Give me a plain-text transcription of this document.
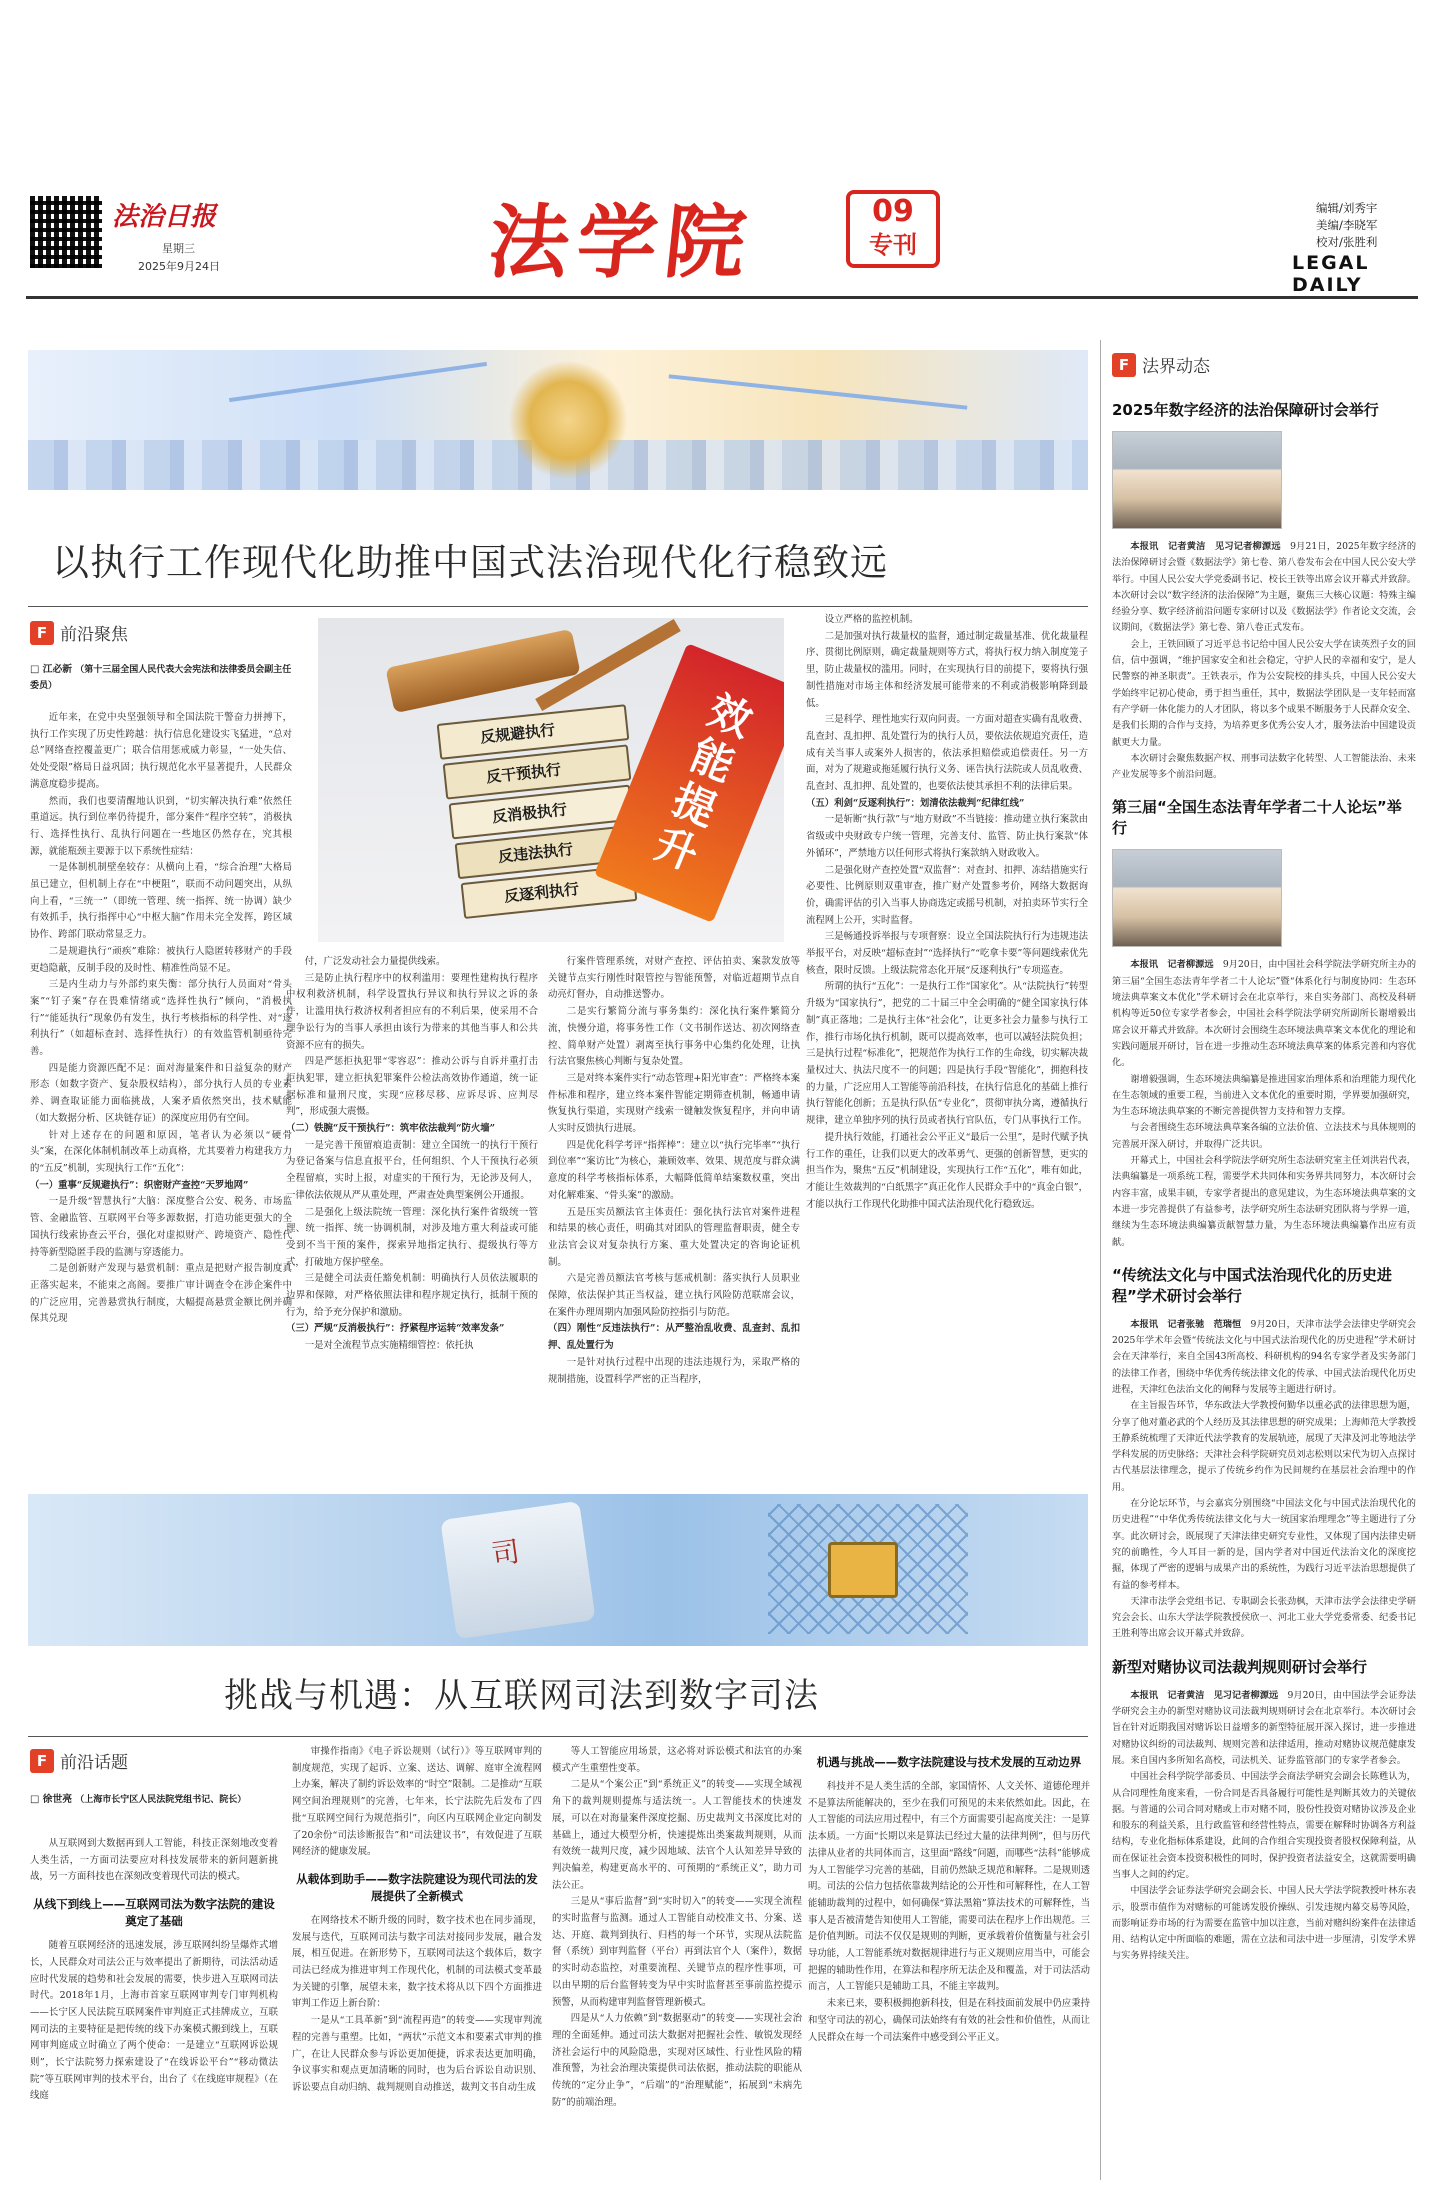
法治日报
星期三
2025年9月24日	法学院	09
专刊
编辑/刘秀宇
美编/李晓军
校对/张胜利
LEGAL DAILY
以执行工作现代化助推中国式法治现代化行稳致远
F 前沿聚焦
□ 江必新 （第十三届全国人民代表大会宪法和法律委员会副主任委员）

近年来，在党中央坚强领导和全国法院干警奋力拼搏下，执行工作实现了历史性跨越：执行信息化建设实飞猛进，“总对总”网络查控覆盖更广；联合信用惩戒威力彰显，“一处失信、处处受限”格局日益巩固；执行规范化水平显著提升，人民群众满意度稳步提高。

然而，我们也要清醒地认识到，“切实解决执行难”依然任重道远。执行到位率仍待提升，部分案件“程序空转”，消极执行、选择性执行、乱执行问题在一些地区仍然存在，究其根源，就能瓶颈主要源于以下系统性症结：

一是体制机制壁垒较存：从横向上看，“综合治理”大格局虽已建立，但机制上存在“中梗阻”，联而不动问题突出，从纵向上看，“三统一”（即统一管理、统一指挥、统一协调）缺少有效抓手，执行指挥中心“中枢大脑”作用未完全发挥，跨区域协作、跨部门联动常显乏力。

二是规避执行“顽疾”难除：被执行人隐匿转移财产的手段更趋隐蔽，反制手段的及时性、精准性尚显不足。

三是内生动力与外部约束失衡：部分执行人员面对“骨头案”“钉子案”存在畏难情绪或“选择性执行”倾向，“消极执行”“能延执行”现象仍有发生，执行考核指标的科学性、对“逐利执行”（如超标查封、选择性执行）的有效监管机制亟待完善。

四是能力资源匹配不足：面对海量案件和日益复杂的财产形态（如数字资产、复杂股权结构），部分执行人员的专业素养、调查取证能力面临挑战，人案矛盾依然突出，技术赋能（如大数据分析、区块链存证）的深度应用仍有空间。

针对上述存在的问题和原因，笔者认为必须以“硬骨头”案，在深化体制机制改革上动真格，尤其要着力构建我方力的“五反”机制，实现执行工作“五化”：

（一）重事“反规避执行”：织密财产查控“天罗地网”

一是升级“智慧执行”大脑：深度整合公安、税务、市场监管、金融监管、互联网平台等多源数据，打造功能更强大的全国执行线索协查云平台，强化对虚拟财产、跨境资产、隐性代持等新型隐匿手段的监测与穿透能力。

二是创新财产发现与悬赏机制：重点是把财产报告制度真正落实起来，不能束之高阁。要推广审计调查令在涉企案件中的广泛应用，完善悬赏执行制度，大幅提高悬赏金额比例并确保其兑现

反规避执行
反干预执行
反消极执行
反违法执行
反逐利执行
效能提升

付，广泛发动社会力量提供线索。

三是防止执行程序中的权利滥用：要理性建构执行程序中权利救济机制，科学设置执行异议和执行异议之诉的条件，让滥用执行救济权利者担应有的不利后果，使采用不合理争讼行为的当事人承担由该行为带来的其他当事人和公共资源不应有的损失。

四是严惩拒执犯罪“零容忍”：推动公诉与自诉并重打击拒执犯罪，建立拒执犯罪案件公检法高效协作通道，统一证据标准和量刑尺度，实现“应移尽移、应诉尽诉、应判尽判”，形成强大震慑。

（二）铁腕“反干预执行”：筑牢依法裁判“防火墙”

一是完善干预留痕追责制：建立全国统一的执行干预行为登记备案与信息直报平台，任何组织、个人干预执行必须全程留痕，实时上报，对虚实的干预行为，无论涉及何人，一律依法依规从严从重处理，严肃查处典型案例公开通报。

二是强化上级法院统一管理：深化执行案件省级统一管理、统一指挥、统一协调机制，对涉及地方重大利益或可能受到不当干预的案件，探索异地指定执行、提级执行等方式，打破地方保护壁垒。

三是健全司法责任豁免机制：明确执行人员依法履职的边界和保障，对严格依照法律和程序规定执行，抵制干预的行为，给予充分保护和激励。

（三）严规“反消极执行”：抒紧程序运转“效率发条”

一是对全流程节点实施精细管控：依托执

行案件管理系统，对财产查控、评估拍卖、案款发放等关键节点实行刚性时限管控与智能预警，对临近超期节点自动亮灯督办，自动推送警办。

二是实行繁简分流与事务集约：深化执行案件繁简分流，快慢分道，将事务性工作（文书制作送达、初次网络查控、简单财产处置）剥离至执行事务中心集约化处理，让执行法官聚焦核心判断与复杂处置。

三是对终本案件实行“动态管理+阳光审查”：严格终本案件标准和程序，建立终本案件智能定期筛查机制，畅通申请恢复执行渠道，实现财产线索一键触发恢复程序，并向申请人实时反馈执行进展。

四是优化科学考评“指挥棒”：建立以“执行完毕率”“执行到位率”“案访比”为核心，兼顾效率、效果、规范度与群众满意度的科学考核指标体系，大幅降低简单结案数权重，突出对化解难案、“骨头案”的激励。

五是压实员额法官主体责任：强化执行法官对案件进程和结果的核心责任，明确其对团队的管理监督职责，健全专业法官会议对复杂执行方案、重大处置决定的咨询论证机制。

六是完善员额法官考核与惩戒机制：落实执行人员职业保障，依法保护其正当权益，建立执行风险防范联席会议，在案件办理周期内加强风险防控指引与防范。

（四）刚性“反违法执行”：从严整治乱收费、乱查封、乱扣押、乱处置行为

一是针对执行过程中出现的违法违规行为，采取严格的规制措施，设置科学严密的正当程序，

设立严格的监控机制。

二是加强对执行裁量权的监督，通过制定裁量基准、优化裁量程序、贯彻比例原则，确定裁量规则等方式，将执行权力纳入制度笼子里，防止裁量权的滥用。同时，在实现执行目的前提下，要将执行强制性措施对市场主体和经济发展可能带来的不利或消极影响降到最低。

三是科学、理性地实行双向问责。一方面对超查实确有乱收费、乱查封、乱扣押、乱处置行为的执行人员，要依法依规追究责任，造成有关当事人或案外人损害的，依法承担赔偿或追偿责任。另一方面，对为了规避或拖延履行执行义务、诬告执行法院或人员乱收费、乱查封、乱扣押、乱处置的，也要依法使其承担不利的法律后果。

（五）利剑“反逐利执行”：划清依法裁判“纪律红线”

一是斩断“执行款”与“地方财政”不当链接：推动建立执行案款由省级或中央财政专户统一管理，完善支付、监管、防止执行案款“体外循环”，严禁地方以任何形式将执行案款纳入财政收入。

二是强化财产查控处置“双监督”：对查封、扣押、冻结措施实行必要性、比例原则双重审查，推广财产处置参考价，网络大数据询价，确需评估的引入当事人协商选定或摇号机制，对拍卖环节实行全流程网上公开，实时监督。

三是畅通投诉举报与专项督察：设立全国法院执行行为违规违法举报平台，对反映“超标查封”“选择执行”“吃拿卡要”等问题线索优先核查，限时反馈。上级法院常态化开展“反逐利执行”专项巡查。

所谓的执行“五化”：一是执行工作“国家化”。从“法院执行”转型升级为“国家执行”，把党的二十届三中全会明确的“健全国家执行体制”真正落地；二是执行主体“社会化”，让更多社会力量参与执行工作，推行市场化执行机制，既可以提高效率，也可以减轻法院负担；三是执行过程“标准化”，把规范作为执行工作的生命线，切实解决裁量权过大、执法尺度不一的问题；四是执行手段“智能化”，拥抱科技的力量，广泛应用人工智能等前沿科技，在执行信息化的基础上推行执行智能化创新；五是执行队伍“专业化”，贯彻审执分离，遵循执行规律，建立单独序列的执行员或者执行官队伍，专门从事执行工作。

提升执行效能，打通社会公平正义“最后一公里”，是时代赋予执行工作的重任，让我们以更大的改革勇气、更强的创新智慧，更实的担当作为，聚焦“五反”机制建设，实现执行工作“五化”，唯有如此，才能让生效裁判的“白纸黑字”真正化作人民群众手中的“真金白银”，才能以执行工作现代化助推中国式法治现代化行稳致远。

司
挑战与机遇：从互联网司法到数字司法
F 前沿话题
□ 徐世亮 （上海市长宁区人民法院党组书记、院长）

从互联网到大数据再到人工智能，科技正深刻地改变着人类生活，一方面司法要应对科技发展带来的新问题新挑战，另一方面科技也在深刻改变着现代司法的模式。

从线下到线上——互联网司法为数字法院的建设奠定了基础

随着互联网经济的迅速发展，涉互联网纠纷呈爆炸式增长，人民群众对司法公正与效率提出了新期待，司法活动适应时代发展的趋势和社会发展的需要，快步进入互联网司法时代。2018年1月，上海市首家互联网审判专门审判机构——长宁区人民法院互联网案件审判庭正式挂牌成立，互联网司法的主要特征是把传统的线下办案模式搬到线上，互联网审判庭成立时确立了两个使命：一是建立“互联网诉讼规则”，长宁法院努力探索建设了“在线诉讼平台”“移动微法院”等互联网审判的技术平台，出台了《在线庭审规程》（在线庭

审操作指南》《电子诉讼规则（试行）》等互联网审判的制度规范，实现了起诉、立案、送达、调解、庭审全流程网上办案，解决了制约诉讼效率的“时空”限制。二是推动“互联网空间治理规则”的完善，七年来，长宁法院先后发布了四批“互联网空间行为规范指引”，向区内互联网企业定向制发了20余份“司法诊断报告”和“司法建议书”，有效促进了互联网经济的健康发展。

从载体到助手——数字法院建设为现代司法的发展提供了全新模式

在网络技术不断升级的同时，数字技术也在同步涌现，发展与迭代，互联网司法与数字司法对接同步发展，融合发展，相互促进。在新形势下，互联网司法这个载体后，数字司法已经成为推进审判工作现代化，机制的司法模式变革最为关键的引擎，展望未来，数字技术将从以下四个方面推进审判工作迈上新台阶：

一是从“工具革新”到“流程再造”的转变——实现审判流程的完善与重塑。比如，“两状”示范文本和要素式审判的推广，在让人民群众参与诉讼更加便捷，诉求表达更加明确，争议事实和观点更加清晰的同时，也为后台诉讼自动识别、诉讼要点自动归纳、裁判规则自动推送，裁判文书自动生成

等人工智能应用场景，这必将对诉讼模式和法官的办案模式产生重塑性变革。

二是从“个案公正”到“系统正义”的转变——实现全域视角下的裁判规则提炼与适法统一。人工智能技术的快速发展，可以在对海量案件深度挖掘、历史裁判文书深度比对的基础上，通过大模型分析，快速提炼出类案裁判规则，从而有效统一裁判尺度，减少因地域、法官个人认知差异导致的判决偏差，构建更高水平的、可预期的“系统正义”，助力司法公正。

三是从“事后监督”到“实时切入”的转变——实现全流程的实时监督与监测。通过人工智能自动校准文书、分案、送达、开庭、裁判到执行、归档的每一个环节，实现从法院监督（系统）到审判监督（平台）再到法官个人（案件），数据的实时动态监控，对重要流程、关键节点的程序性事项，可以由早期的后台监督转变为早中实时监督甚至事前监控提示预警，从而构建审判监督管理新模式。

四是从“人力依赖”到“数据驱动”的转变——实现社会治理的全面延伸。通过司法大数据对把握社会性、敏锐发现经济社会运行中的风险隐患，实现对区域性、行业性风险的精准预警，为社会治理决策提供司法依据，推动法院的职能从传统的“定分止争”，“后端”的“治理赋能”，拓展到“未病先防”的前端治理。

机遇与挑战——数字法院建设与技术发展的互动边界

科技并不是人类生活的全部，家国情怀、人文关怀、道德伦理并不是算法所能解决的，至少在我们可预见的未来依然如此。因此，在人工智能的司法应用过程中，有三个方面需要引起高度关注：一是算法本质。一方面“长期以来是算法已经过大量的法律判例”，但与历代法律从业者的共同体而言，这里面“路线”问题，而哪些“法科”能够成为人工智能学习完善的基础，目前仍然缺乏规范和解释。二是规则透明。司法的公信力包括依靠裁判结论的公开性和可解释性，在人工智能辅助裁判的过程中，如何确保“算法黑箱”算法技术的可解释性，当事人是否被清楚告知使用人工智能，需要司法在程序上作出规范。三是价值判断。司法不仅仅是规则的判断，更承载着价值衡量与社会引导功能，人工智能系统对数据规律进行与正义规则应用当中，可能会把握的辅助性作用，在算法和程序所无法企及和覆盖，对于司法活动而言，人工智能只是辅助工具，不能主宰裁判。

未来已来，要积极拥抱新科技，但是在科技面前发展中仍应秉持和坚守司法的初心，确保司法始终有有效的社会性和价值性，从而让人民群众在每一个司法案件中感受到公平正义。

F 法界动态
2025年数字经济的法治保障研讨会举行

本报讯　记者黄洁　见习记者柳源远　9月21日，2025年数字经济的法治保障研讨会暨《数据法学》第七卷、第八卷发布会在中国人民公安大学举行。中国人民公安大学党委副书记、校长王铁等出席会议开幕式并致辞。本次研讨会以“数字经济的法治保障”为主题，聚焦三大核心议题：特殊主编经验分享、数字经济前沿问题专家研讨以及《数据法学》作者论文交流，会议期间，《数据法学》第七卷、第八卷正式发布。

会上，王铁回顾了习近平总书记给中国人民公安大学在读英烈子女的回信，信中强调，“维护国家安全和社会稳定，守护人民的幸福和安宁，是人民警察的神圣职责”。王铁表示，作为公安院校的排头兵，中国人民公安大学始终牢记初心使命，勇于担当重任，其中，数据法学团队是一支年轻而富有产学研一体化能力的人才团队，将以多个成果不断服务于人民群众安全、是我们长期的合作与支持，为培养更多优秀公安人才，服务法治中国建设贡献更大力量。

本次研讨会聚焦数据产权、刑事司法数字化转型、人工智能法治、未来产业发展等多个前沿问题。

第三届“全国生态法青年学者二十人论坛”举行

本报讯　记者柳源远　9月20日，由中国社会科学院法学研究所主办的第三届“全国生态法青年学者二十人论坛”暨“体系化行与制度协同：生态环境法典草案文本优化”学术研讨会在北京举行，来自实务部门、高校及科研机构等近50位专家学者参会，中国社会科学院法学研究所副所长谢增毅出席会议开幕式并致辞。本次研讨会围绕生态环境法典草案文本优化的理论和实践问题展开研讨，旨在进一步推动生态环境法典草案的体系完善和内容优化。

谢增毅强调，生态环境法典编纂是推进国家治理体系和治理能力现代化在生态领域的重要工程，当前进入文本优化的重要时期，学界要加强研究，为生态环境法典草案的不断完善提供智力支持和智力支撑。

与会者围绕生态环境法典草案各编的立法价值、立法技术与具体规则的完善展开深入研讨，并取得广泛共识。

开幕式上，中国社会科学院法学研究所生态法研究室主任刘洪岩代表，法典编纂是一项系统工程，需要学术共同体和实务界共同努力，本次研讨会内容丰富，成果丰硕，专家学者提出的意见建议，为生态环境法典草案的文本进一步完善提供了有益参考，法学研究所生态法研究团队将与学界一道，继续为生态环境法典编纂贡献智慧力量，为生态环境法典编纂作出应有贡献。

“传统法文化与中国式法治现代化的历史进程”学术研讨会举行

本报讯　记者张驰　范瑞恒　9月20日，天津市法学会法律史学研究会2025年学术年会暨“传统法文化与中国式法治现代化的历史进程”学术研讨会在天津举行，来自全国43所高校、科研机构的94名专家学者及实务部门的法律工作者，围绕中华优秀传统法律文化的传承、中国式法治现代化历史进程，天津红色法治文化的阐释与发展等主题进行研讨。

在主旨报告环节，华东政法大学教授何勤华以重必武的法律思想为题，分享了他对董必武的个人经历及其法律思想的研究成果；上海师范大学教授王静系统梳理了天津近代法学教育的发展轨迹，展现了天津及河北等地法学学科发展的历史脉络；天津社会科学院研究员刘志松则以宋代为切入点探讨古代基层法律理念，提示了传统乡约作为民间规约在基层社会治理中的作用。

在分论坛环节，与会嘉宾分别围绕“中国法文化与中国式法治现代化的历史进程”“中华优秀传统法律文化与大一统国家治理理念”等主题进行了分享。此次研讨会，既展现了天津法律史研究专业性，又体现了国内法律史研究的前瞻性，今人耳目一新的是，国内学者对中国近代法治文化的深度挖掘，体现了严密的逻辑与成果产出的系统性，为践行习近平法治思想提供了有益的参考样本。

天津市法学会党组书记、专职副会长张劲枫，天津市法学会法律史学研究会会长、山东大学法学院教授侯欣一、河北工业大学党委常委、纪委书记王胜利等出席会议开幕式并致辞。

新型对赌协议司法裁判规则研讨会举行

本报讯　记者黄洁　见习记者柳源远　9月20日，由中国法学会证券法学研究会主办的新型对赌协议司法裁判规则研讨会在北京举行。本次研讨会旨在针对近期我国对赌诉讼日益增多的新型特征展开深入探讨，进一步推进对赌协议纠纷的司法裁判、规则完善和法律适用，推动对赌协议规范健康发展。来自国内多所知名高校，司法机关、证券监管部门的专家学者参会。

中国社会科学院学部委员、中国法学会商法学研究会副会长陈甦认为，从合同理性角度来看，一份合同是否具备履行可能性是判断其效力的关键依据。与普通的公司合同对赌或上市对赌不同，股份性投资对赌协议涉及企业和股东的利益关系，且行政监管和经营性特点，需要在解释时协调各方利益结构，专业化指标体系建设，此间的合作组合实现投资者股权保障利益，从而在保证社会资本投资积极性的同时，保护投资者法益安全，这就需要明确当事人之间的约定。

中国法学会证券法学研究会副会长、中国人民大学法学院教授叶林东表示，股票市值作为对赌标的可能诱发股价操纵、引发违规内幕交易等风险，而影响证券市场的行为需要在监管中加以注意，当前对赌纠纷案件在法律适用、结构认定中所面临的难题，需在立法和司法中进一步厘清，引发学术界与实务界持续关注。
